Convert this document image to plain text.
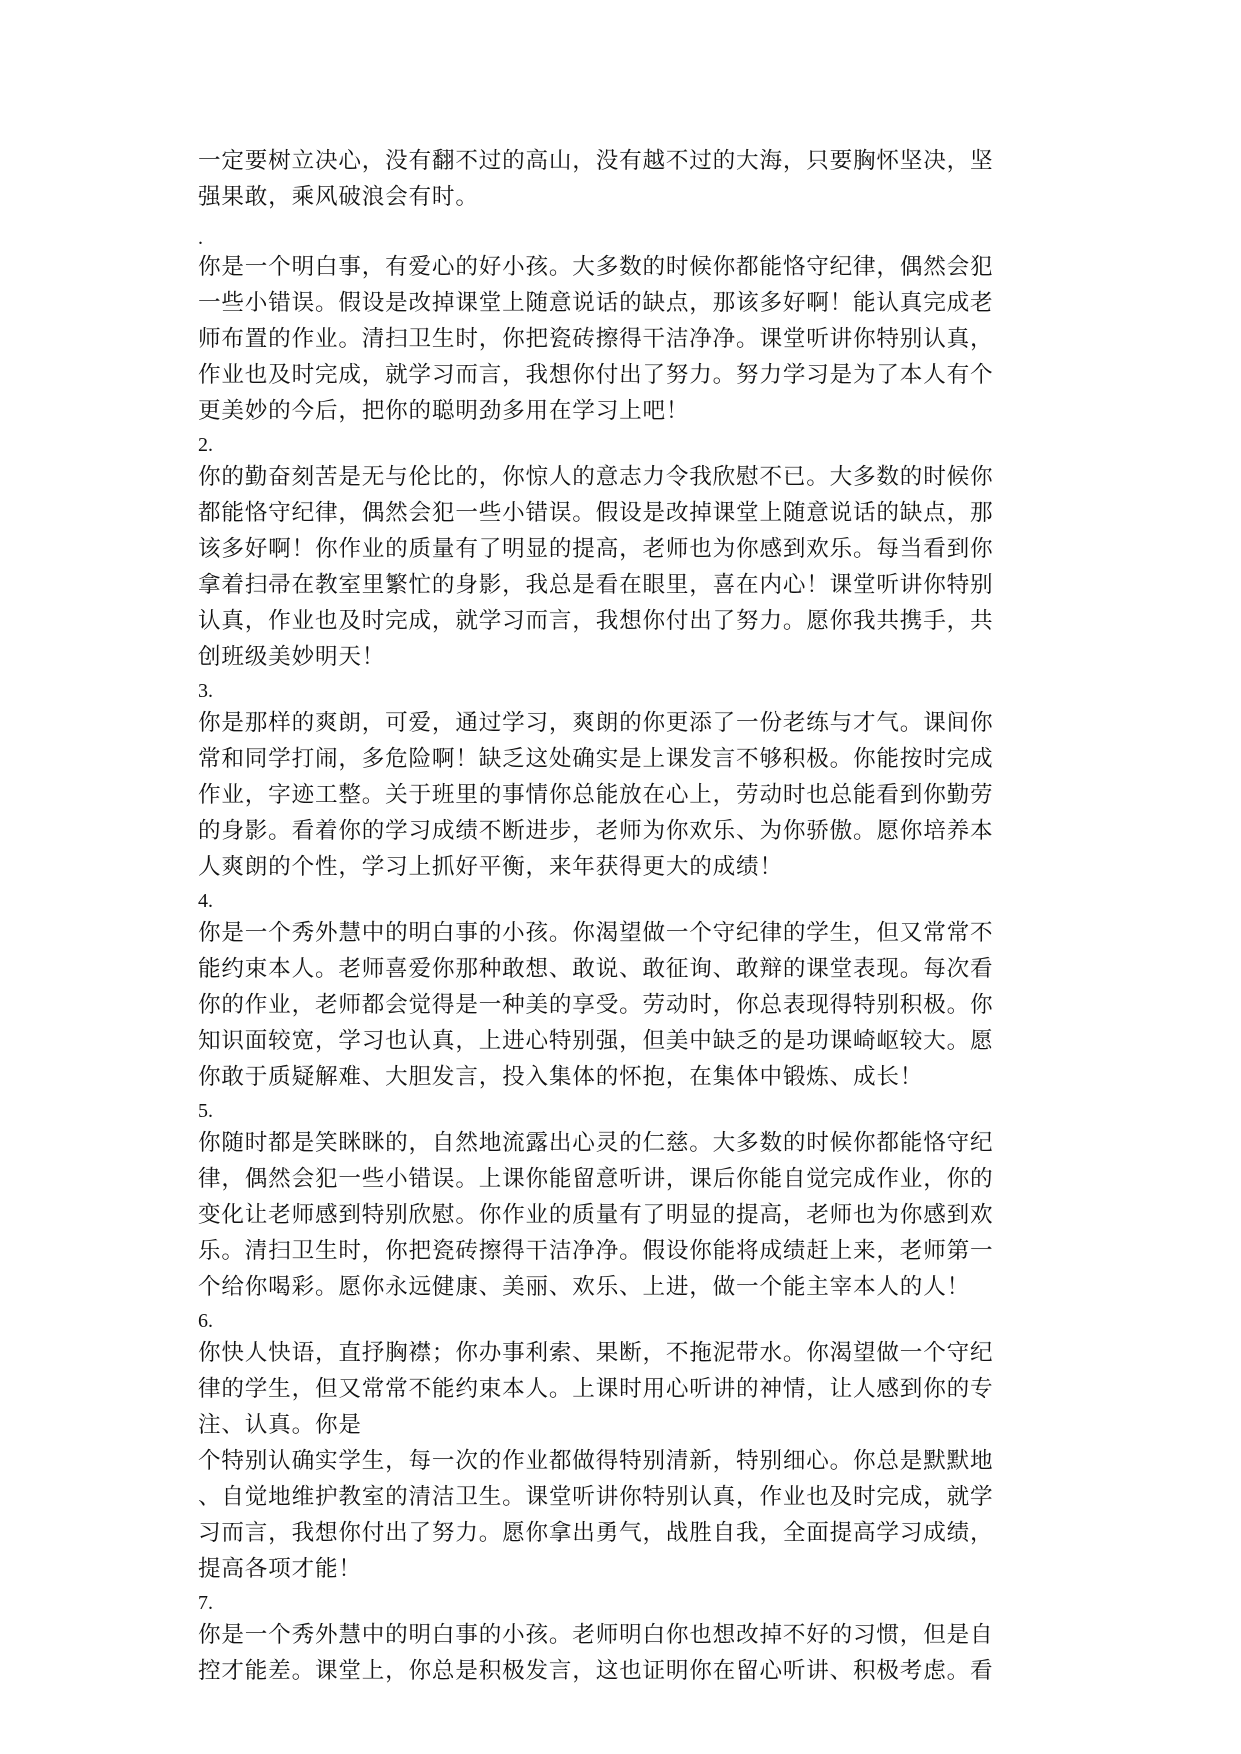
一定要树立决心，没有翻不过的高山，没有越不过的大海，只要胸怀坚决，坚
强果敢，乘风破浪会有时。
.
你是一个明白事，有爱心的好小孩。大多数的时候你都能恪守纪律，偶然会犯
一些小错误。假设是改掉课堂上随意说话的缺点，那该多好啊！能认真完成老
师布置的作业。清扫卫生时，你把瓷砖擦得干洁净净。课堂听讲你特别认真，
作业也及时完成，就学习而言，我想你付出了努力。努力学习是为了本人有个
更美妙的今后，把你的聪明劲多用在学习上吧！
2.
你的勤奋刻苦是无与伦比的，你惊人的意志力令我欣慰不已。大多数的时候你
都能恪守纪律，偶然会犯一些小错误。假设是改掉课堂上随意说话的缺点，那
该多好啊！你作业的质量有了明显的提高，老师也为你感到欢乐。每当看到你
拿着扫帚在教室里繁忙的身影，我总是看在眼里，喜在内心！课堂听讲你特别
认真，作业也及时完成，就学习而言，我想你付出了努力。愿你我共携手，共
创班级美妙明天！
3.
你是那样的爽朗，可爱，通过学习，爽朗的你更添了一份老练与才气。课间你
常和同学打闹，多危险啊！缺乏这处确实是上课发言不够积极。你能按时完成
作业，字迹工整。关于班里的事情你总能放在心上，劳动时也总能看到你勤劳
的身影。看着你的学习成绩不断进步，老师为你欢乐、为你骄傲。愿你培养本
人爽朗的个性，学习上抓好平衡，来年获得更大的成绩！
4.
你是一个秀外慧中的明白事的小孩。你渴望做一个守纪律的学生，但又常常不
能约束本人。老师喜爱你那种敢想、敢说、敢征询、敢辩的课堂表现。每次看
你的作业，老师都会觉得是一种美的享受。劳动时，你总表现得特别积极。你
知识面较宽，学习也认真，上进心特别强，但美中缺乏的是功课崎岖较大。愿
你敢于质疑解难、大胆发言，投入集体的怀抱，在集体中锻炼、成长！
5.
你随时都是笑眯眯的，自然地流露出心灵的仁慈。大多数的时候你都能恪守纪
律，偶然会犯一些小错误。上课你能留意听讲，课后你能自觉完成作业，你的
变化让老师感到特别欣慰。你作业的质量有了明显的提高，老师也为你感到欢
乐。清扫卫生时，你把瓷砖擦得干洁净净。假设你能将成绩赶上来，老师第一
个给你喝彩。愿你永远健康、美丽、欢乐、上进，做一个能主宰本人的人！
6.
你快人快语，直抒胸襟；你办事利索、果断，不拖泥带水。你渴望做一个守纪
律的学生，但又常常不能约束本人。上课时用心听讲的神情，让人感到你的专
注、认真。你是
个特别认确实学生，每一次的作业都做得特别清新，特别细心。你总是默默地
、自觉地维护教室的清洁卫生。课堂听讲你特别认真，作业也及时完成，就学
习而言，我想你付出了努力。愿你拿出勇气，战胜自我，全面提高学习成绩，
提高各项才能！
7.
你是一个秀外慧中的明白事的小孩。老师明白你也想改掉不好的习惯，但是自
控才能差。课堂上，你总是积极发言，这也证明你在留心听讲、积极考虑。看
